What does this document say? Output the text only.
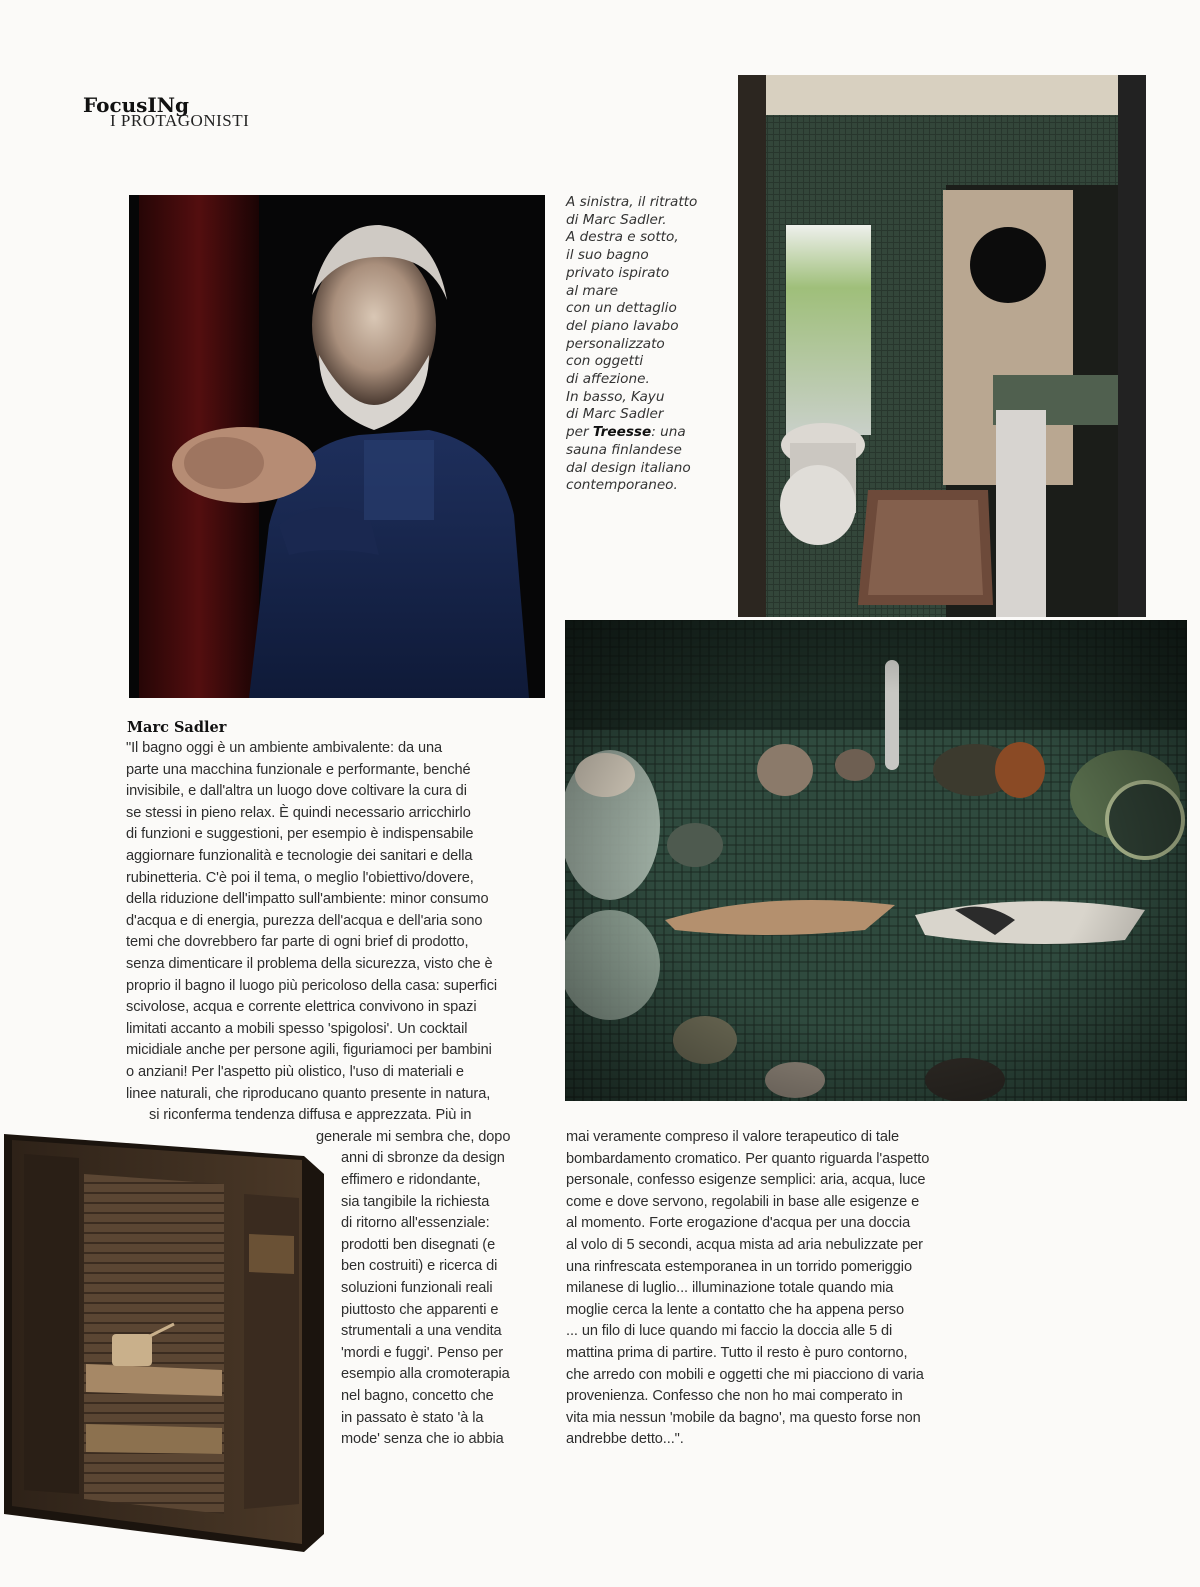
FocusINg
I PROTAGONISTI
A sinistra, il ritratto
di Marc Sadler.
A destra e sotto,
il suo bagno
privato ispirato
al mare
con un dettaglio
del piano lavabo
personalizzato
con oggetti
di affezione.
In basso, Kayu
di Marc Sadler
per Treesse: una
sauna finlandese
dal design italiano
contemporaneo.
Marc Sadler
"Il bagno oggi è un ambiente ambivalente: da una
parte una macchina funzionale e performante, benché
invisibile, e dall'altra un luogo dove coltivare la cura di
se stessi in pieno relax. È quindi necessario arricchirlo
di funzioni e suggestioni, per esempio è indispensabile
aggiornare funzionalità e tecnologie dei sanitari e della
rubinetteria. C'è poi il tema, o meglio l'obiettivo/dovere,
della riduzione dell'impatto sull'ambiente: minor consumo
d'acqua e di energia, purezza dell'acqua e dell'aria sono
temi che dovrebbero far parte di ogni brief di prodotto,
senza dimenticare il problema della sicurezza, visto che è
proprio il bagno il luogo più pericoloso della casa: superfici
scivolose, acqua e corrente elettrica convivono in spazi
limitati accanto a mobili spesso 'spigolosi'. Un cocktail
micidiale anche per persone agili, figuriamoci per bambini
o anziani! Per l'aspetto più olistico, l'uso di materiali e
linee naturali, che riproducano quanto presente in natura,
si riconferma tendenza diffusa e apprezzata. Più in
generale mi sembra che, dopo
anni di sbronze da design
effimero e ridondante,
sia tangibile la richiesta
di ritorno all'essenziale:
prodotti ben disegnati (e
ben costruiti) e ricerca di
soluzioni funzionali reali
piuttosto che apparenti e
strumentali a una vendita
'mordi e fuggi'. Penso per
esempio alla cromoterapia
nel bagno, concetto che
in passato è stato 'à la
mode' senza che io abbia
mai veramente compreso il valore terapeutico di tale
bombardamento cromatico. Per quanto riguarda l'aspetto
personale, confesso esigenze semplici: aria, acqua, luce
come e dove servono, regolabili in base alle esigenze e
al momento. Forte erogazione d'acqua per una doccia
al volo di 5 secondi, acqua mista ad aria nebulizzate per
una rinfrescata estemporanea in un torrido pomeriggio
milanese di luglio... illuminazione totale quando mia
moglie cerca la lente a contatto che ha appena perso
... un filo di luce quando mi faccio la doccia alle 5 di
mattina prima di partire. Tutto il resto è puro contorno,
che arredo con mobili e oggetti che mi piacciono di varia
provenienza. Confesso che non ho mai comperato in
vita mia nessun 'mobile da bagno', ma questo forse non
andrebbe detto...".
